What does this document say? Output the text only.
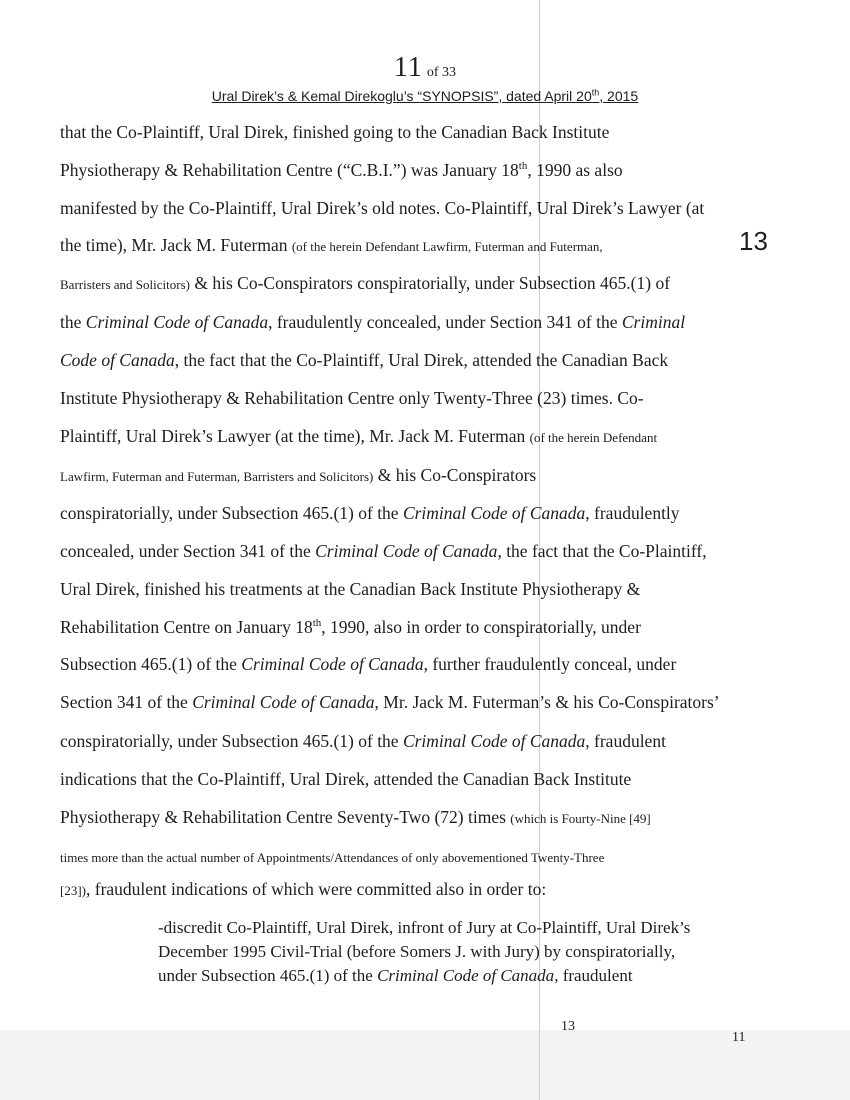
11 of 33
Ural Direk’s & Kemal Direkoglu’s “SYNOPSIS”, dated April 20th, 2015
13
that the Co-Plaintiff, Ural Direk, finished going to the Canadian Back Institute
Physiotherapy & Rehabilitation Centre (“C.B.I.”) was January 18th, 1990 as also
manifested by the Co-Plaintiff, Ural Direk’s old notes. Co-Plaintiff, Ural Direk’s Lawyer (at
the time), Mr. Jack M. Futerman (of the herein Defendant Lawfirm, Futerman and Futerman,
Barristers and Solicitors) & his Co-Conspirators conspiratorially, under Subsection 465.(1) of
the Criminal Code of Canada, fraudulently concealed, under Section 341 of the Criminal
Code of Canada, the fact that the Co-Plaintiff, Ural Direk, attended the Canadian Back
Institute Physiotherapy & Rehabilitation Centre only Twenty-Three (23) times. Co-
Plaintiff, Ural Direk’s Lawyer (at the time), Mr. Jack M. Futerman (of the herein Defendant
Lawfirm, Futerman and Futerman, Barristers and Solicitors) & his Co-Conspirators
conspiratorially, under Subsection 465.(1) of the Criminal Code of Canada, fraudulently
concealed, under Section 341 of the Criminal Code of Canada, the fact that the Co-Plaintiff,
Ural Direk, finished his treatments at the Canadian Back Institute Physiotherapy &
Rehabilitation Centre on January 18th, 1990, also in order to conspiratorially, under
Subsection 465.(1) of the Criminal Code of Canada, further fraudulently conceal, under
Section 341 of the Criminal Code of Canada, Mr. Jack M. Futerman’s & his Co-Conspirators’
conspiratorially, under Subsection 465.(1) of the Criminal Code of Canada, fraudulent
indications that the Co-Plaintiff, Ural Direk, attended the Canadian Back Institute
Physiotherapy & Rehabilitation Centre Seventy-Two (72) times (which is Fourty-Nine [49]
times more than the actual number of Appointments/Attendances of only abovementioned Twenty-Three
[23]), fraudulent indications of which were committed also in order to:
-discredit Co-Plaintiff, Ural Direk, infront of Jury at Co-Plaintiff, Ural Direk’s
December 1995 Civil-Trial (before Somers J. with Jury) by conspiratorially,
under Subsection 465.(1) of the Criminal Code of Canada, fraudulent
13
11
